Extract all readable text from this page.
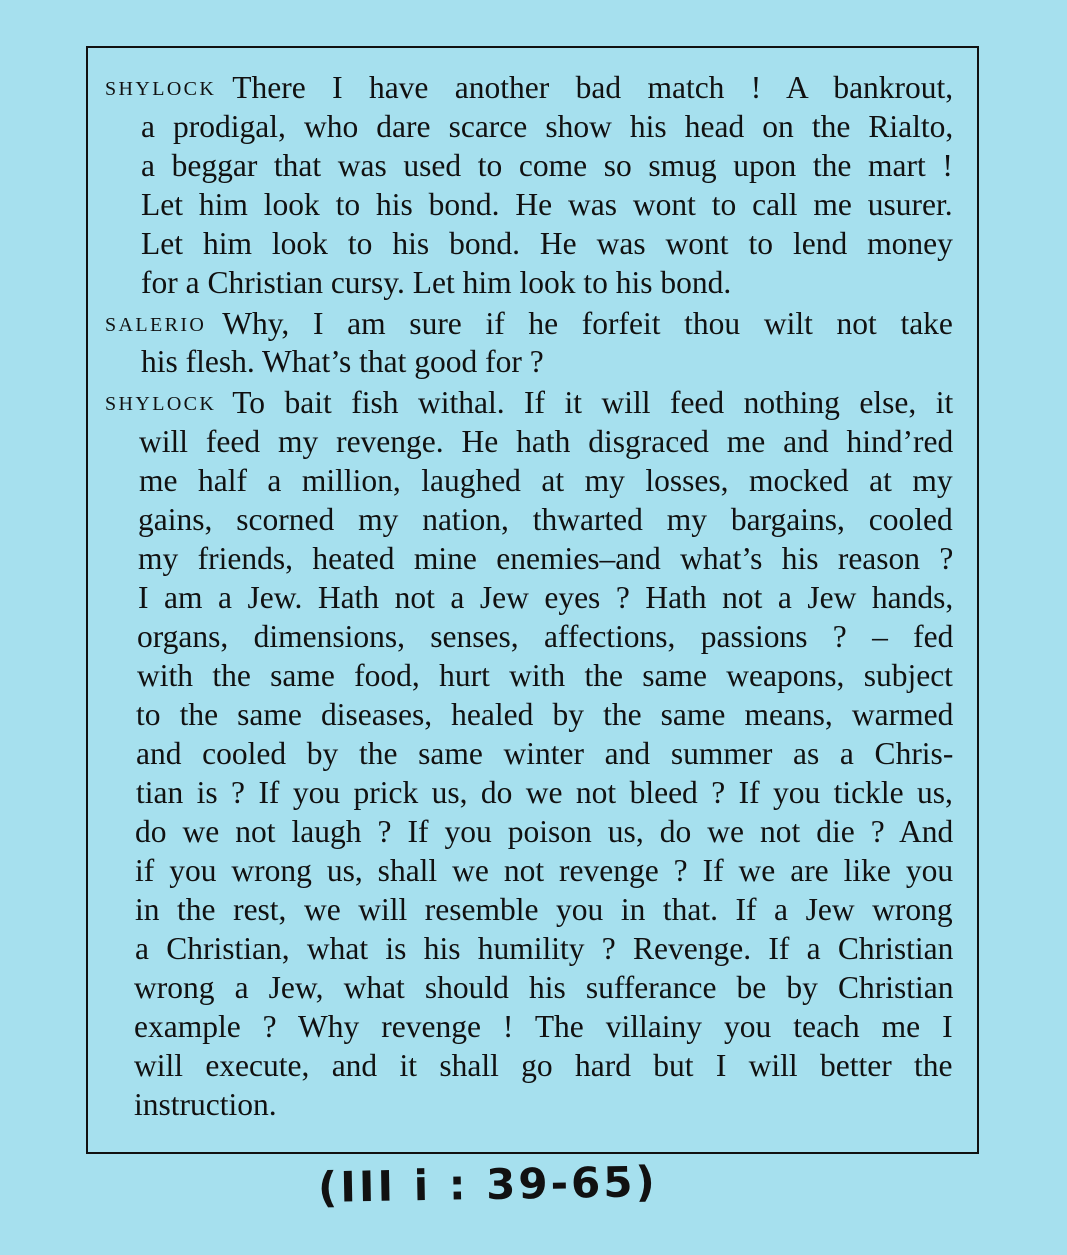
SHYLOCK There I have another bad match ! A bankrout,
a prodigal, who dare scarce show his head on the Rialto,
a beggar that was used to come so smug upon the mart !
Let him look to his bond. He was wont to call me usurer.
Let him look to his bond. He was wont to lend money
for a Christian cursy. Let him look to his bond.
SALERIO Why, I am sure if he forfeit thou wilt not take
his flesh. What’s that good for ?
SHYLOCK To bait fish withal. If it will feed nothing else, it
will feed my revenge. He hath disgraced me and hind’red
me half a million, laughed at my losses, mocked at my
gains, scorned my nation, thwarted my bargains, cooled
my friends, heated mine enemies–and what’s his reason ?
I am a Jew. Hath not a Jew eyes ? Hath not a Jew hands,
organs, dimensions, senses, affections, passions ? – fed
with the same food, hurt with the same weapons, subject
to the same diseases, healed by the same means, warmed
and cooled by the same winter and summer as a Chris-
tian is ? If you prick us, do we not bleed ? If you tickle us,
do we not laugh ? If you poison us, do we not die ? And
if you wrong us, shall we not revenge ? If we are like you
in the rest, we will resemble you in that. If a Jew wrong
a Christian, what is his humility ? Revenge. If a Christian
wrong a Jew, what should his sufferance be by Christian
example ? Why revenge ! The villainy you teach me I
will execute, and it shall go hard but I will better the
instruction.
(III i : 39-65)
